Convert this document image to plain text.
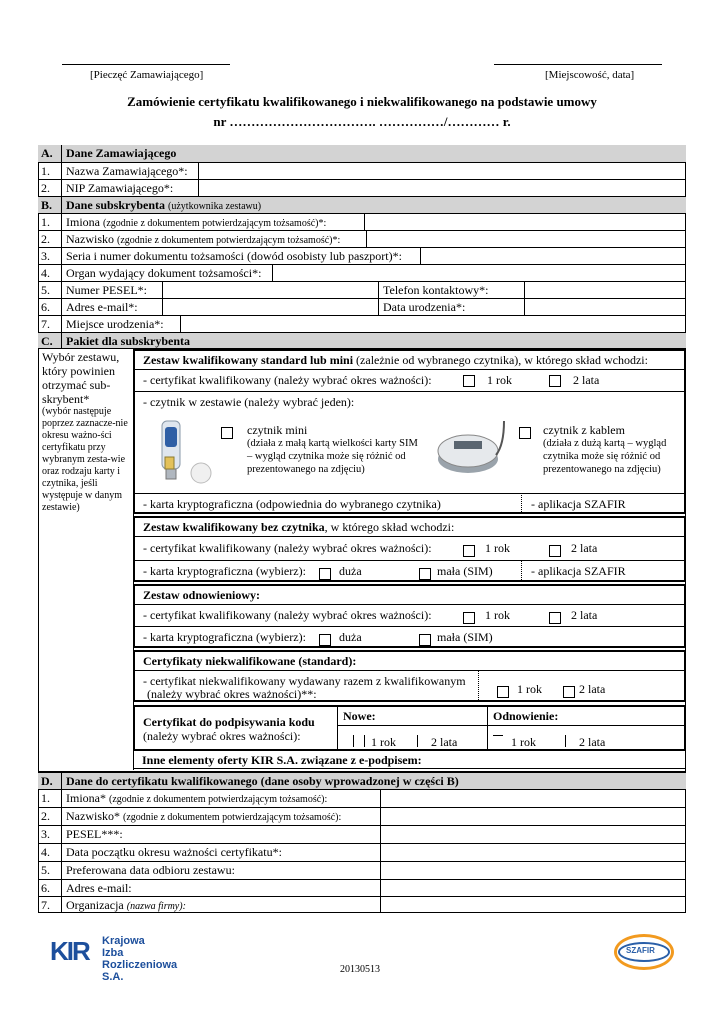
[Pieczęć Zamawiającego]	[Miejscowość, data]
Zamówienie certyfikatu kwalifikowanego i niekwalifikowanego na podstawie umowy
nr ……………………………. ……………/………… r.
A.	Dane Zamawiającego
1.	Nazwa Zamawiającego*:
2.	NIP Zamawiającego*:
B.	Dane subskrybenta (użytkownika zestawu)
1.	Imiona (zgodnie z dokumentem potwierdzającym tożsamość)*:
2.	Nazwisko (zgodnie z dokumentem potwierdzającym tożsamość)*:
3.	Seria i numer dokumentu tożsamości (dowód osobisty lub paszport)*:
4.	Organ wydający dokument tożsamości*:
5.	Numer PESEL*:	Telefon kontaktowy*:
6.	Adres e-mail*:	Data urodzenia*:
7.	Miejsce urodzenia*:
C.	Pakiet dla subskrybenta
Wybór zestawu, który powinien otrzymać sub-skrybent*
(wybór następuje poprzez zaznacze-nie okresu ważno-ści certyfikatu przy wybranym zesta-wie oraz rodzaju karty i czytnika, jeśli występuje w danym zestawie)
Zestaw kwalifikowany standard lub mini (zależnie od wybranego czytnika), w którego skład wchodzi:
- certyfikat kwalifikowany (należy wybrać okres ważności):	1 rok	2 lata
- czytnik w zestawie (należy wybrać jeden):
czytnik mini
(działa z małą kartą wielkości karty SIM – wygląd czytnika może się różnić od prezentowanego na zdjęciu)
czytnik z kablem
(działa z dużą kartą – wygląd czytnika może się różnić od prezentowanego na zdjęciu)
- karta kryptograficzna (odpowiednia do wybranego czytnika)	- aplikacja SZAFIR
Zestaw kwalifikowany bez czytnika, w którego skład wchodzi:
- certyfikat kwalifikowany (należy wybrać okres ważności):	1 rok	2 lata
- karta kryptograficzna (wybierz):	duża	mała (SIM)	- aplikacja SZAFIR
Zestaw odnowieniowy:
- certyfikat kwalifikowany (należy wybrać okres ważności):	1 rok	2 lata
- karta kryptograficzna (wybierz):	duża	mała (SIM)
Certyfikaty niekwalifikowane (standard):
- certyfikat niekwalifikowany wydawany razem z kwalifikowanym
(należy wybrać okres ważności)**:	1 rok	2 lata
Certyfikat do podpisywania kodu
(należy wybrać okres ważności):
Nowe:	Odnowienie:
1 rok	2 lata	1 rok	2 lata
Inne elementy oferty KIR S.A. związane z e-podpisem:
D.	Dane do certyfikatu kwalifikowanego (dane osoby wprowadzonej w części B)
1.	Imiona* (zgodnie z dokumentem potwierdzającym tożsamość):
2.	Nazwisko* (zgodnie z dokumentem potwierdzającym tożsamość):
3.	PESEL***:
4.	Data początku okresu ważności certyfikatu*:
5.	Preferowana data odbioru zestawu:
6.	Adres e-mail:
7.	Organizacja (nazwa firmy):
KIR Krajowa
Izba
Rozliczeniowa S.A.
20130513
SZAFIR
